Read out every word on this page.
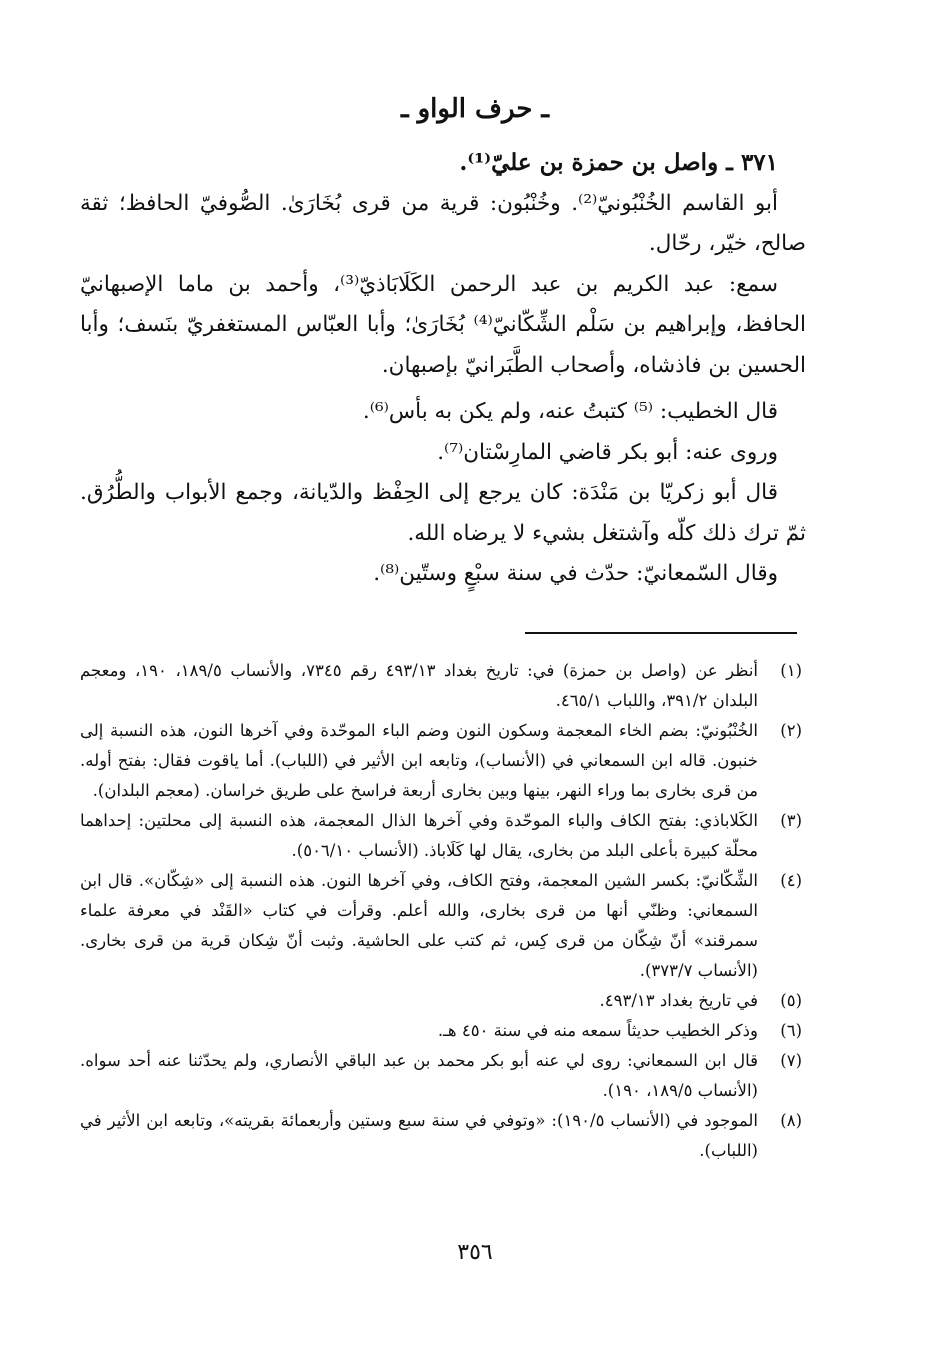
ـ حرف الواو ـ

٣٧١ ـ واصل بن حمزة بن عليّ⁽¹⁾.

أبو القاسم الخُنْبُونيّ⁽²⁾. وخُنْبُون: قرية من قرى بُخَارَىٰ. الصُّوفيّ الحافظ؛ ثقة صالح، خيّر، رحّال.

سمع: عبد الكريم بن عبد الرحمن الكَلَابَاذيّ⁽³⁾، وأحمد بن ماما الإصبهانيّ الحافظ، وإبراهيم بن سَلْم الشِّكّانيّ⁽⁴⁾ بُخَارَىٰ؛ وأبا العبّاس المستغفريّ بنَسف؛ وأبا الحسين بن فاذشاه، وأصحاب الطَّبَرانيّ بإصبهان.

قال الخطيب: ⁽⁵⁾ كتبتُ عنه، ولم يكن به بأس⁽⁶⁾.

وروى عنه: أبو بكر قاضي المارِسْتان⁽⁷⁾.

قال أبو زكريّا بن مَنْدَة: كان يرجع إلى الحِفْظ والدّيانة، وجمع الأبواب والطُّرُق. ثمّ ترك ذلك كلّه وآشتغل بشيء لا يرضاه الله.

وقال السّمعانيّ: حدّث في سنة سبْعٍ وستّين⁽⁸⁾.

(١)
أنظر عن (واصل بن حمزة) في: تاريخ بغداد ٤٩٣/١٣ رقم ٧٣٤٥، والأنساب ١٨٩/٥، ١٩٠، ومعجم البلدان ٣٩١/٢، واللباب ٤٦٥/١.
(٢)
الخُنْبُونيّ: بضم الخاء المعجمة وسكون النون وضم الباء الموحّدة وفي آخرها النون، هذه النسبة إلى خنبون. قاله ابن السمعاني في (الأنساب)، وتابعه ابن الأثير في (اللباب). أما ياقوت فقال: بفتح أوله. من قرى بخارى بما وراء النهر، بينها وبين بخارى أربعة فراسخ على طريق خراسان. (معجم البلدان).
(٣)
الكَلاباذي: بفتح الكاف والباء الموحّدة وفي آخرها الذال المعجمة، هذه النسبة إلى محلتين: إحداهما محلّة كبيرة بأعلى البلد من بخارى، يقال لها كَلَاباذ. (الأنساب ٥٠٦/١٠).
(٤)
الشِّكّانيّ: بكسر الشين المعجمة، وفتح الكاف، وفي آخرها النون. هذه النسبة إلى «شِكّان». قال ابن السمعاني: وظنّي أنها من قرى بخارى، والله أعلم. وقرأت في كتاب «القَنْد في معرفة علماء سمرقند» أنّ شِكّان من قرى كِس، ثم كتب على الحاشية. وثبت أنّ شِكان قرية من قرى بخارى. (الأنساب ٣٧٣/٧).
(٥)
في تاريخ بغداد ٤٩٣/١٣.
(٦)
وذكر الخطيب حديثاً سمعه منه في سنة ٤٥٠ هـ.
(٧)
قال ابن السمعاني: روى لي عنه أبو بكر محمد بن عبد الباقي الأنصاري، ولم يحدّثنا عنه أحد سواه. (الأنساب ١٨٩/٥، ١٩٠).
(٨)
الموجود في (الأنساب ١٩٠/٥): «وتوفي في سنة سبع وستين وأربعمائة بقريته»، وتابعه ابن الأثير في (اللباب).
٣٥٦
